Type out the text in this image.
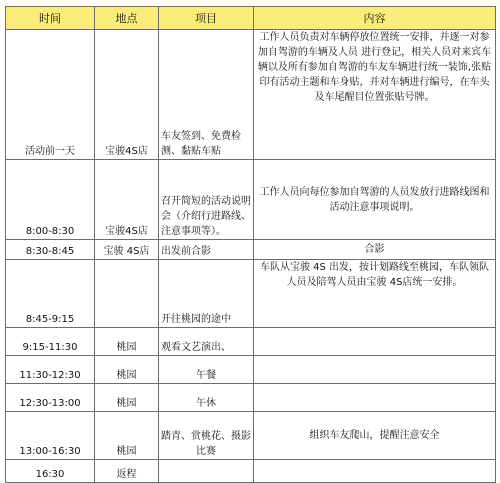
时间	地点	项目	内容
活动前一天	宝骏4S店	车友签到、免费检测、黏贴车贴	工作人员负责对车辆停放位置统一安排，并逐一对参加自驾游的车辆及人员 进行登记，相关人员对来宾车辆以及所有参加自驾游的车友车辆进行统一装饰,张贴印有活动主题和车身贴，并对车辆进行编号，在车头及车尾醒目位置张贴号牌。
8:00-8:30	宝骏4S店	召开简短的活动说明会（介绍行进路线、注意事项等）。	工作人员向每位参加自驾游的人员发放行进路线图和活动注意事项说明。
8:30-8:45	宝骏 4S店	出发前合影	合影
8:45-9:15		开往桃园的途中	车队从宝骏 4S 出发，按计划路线至桃园，车队领队人员及陪驾人员由宝骏 4S店统一安排。
9:15-11:30	桃园	观看文艺演出、	
11:30-12:30	桃园	午餐	
12:30-13:00	桃园	午休	
13:00-16:30	桃园	踏青、赏桃花、摄影比赛	组织车友爬山，提醒注意安全
16:30	返程		
